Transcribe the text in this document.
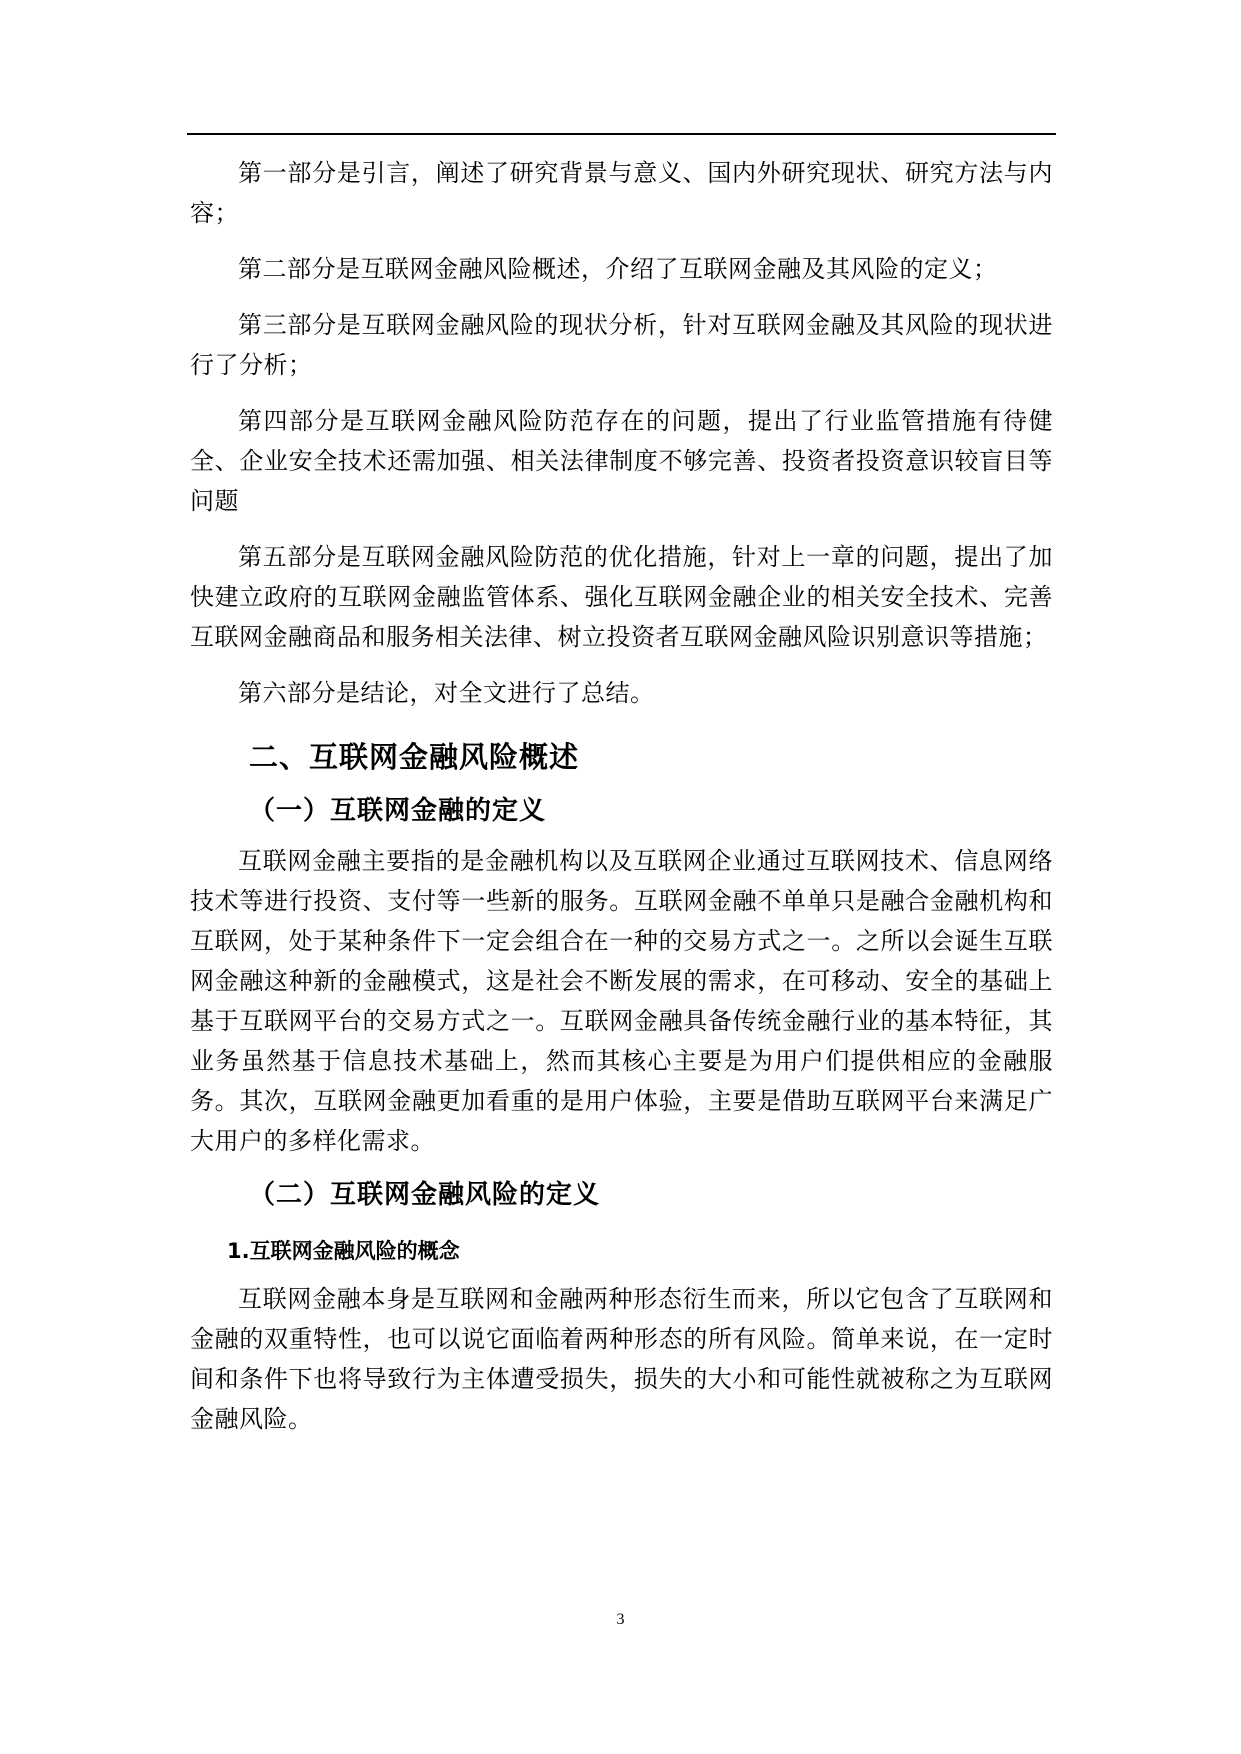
第一部分是引言，阐述了研究背景与意义、国内外研究现状、研究方法与内容；

第二部分是互联网金融风险概述，介绍了互联网金融及其风险的定义；

第三部分是互联网金融风险的现状分析，针对互联网金融及其风险的现状进行了分析；

第四部分是互联网金融风险防范存在的问题，提出了行业监管措施有待健全、企业安全技术还需加强、相关法律制度不够完善、投资者投资意识较盲目等问题

第五部分是互联网金融风险防范的优化措施，针对上一章的问题，提出了加快建立政府的互联网金融监管体系、强化互联网金融企业的相关安全技术、完善互联网金融商品和服务相关法律、树立投资者互联网金融风险识别意识等措施；

第六部分是结论，对全文进行了总结。

二、互联网金融风险概述
（一）互联网金融的定义

互联网金融主要指的是金融机构以及互联网企业通过互联网技术、信息网络技术等进行投资、支付等一些新的服务。互联网金融不单单只是融合金融机构和互联网，处于某种条件下一定会组合在一种的交易方式之一。之所以会诞生互联网金融这种新的金融模式，这是社会不断发展的需求，在可移动、安全的基础上基于互联网平台的交易方式之一。互联网金融具备传统金融行业的基本特征，其业务虽然基于信息技术基础上，然而其核心主要是为用户们提供相应的金融服务。其次，互联网金融更加看重的是用户体验，主要是借助互联网平台来满足广大用户的多样化需求。

（二）互联网金融风险的定义
1.互联网金融风险的概念

互联网金融本身是互联网和金融两种形态衍生而来，所以它包含了互联网和金融的双重特性，也可以说它面临着两种形态的所有风险。简单来说，在一定时间和条件下也将导致行为主体遭受损失，损失的大小和可能性就被称之为互联网金融风险。

3
